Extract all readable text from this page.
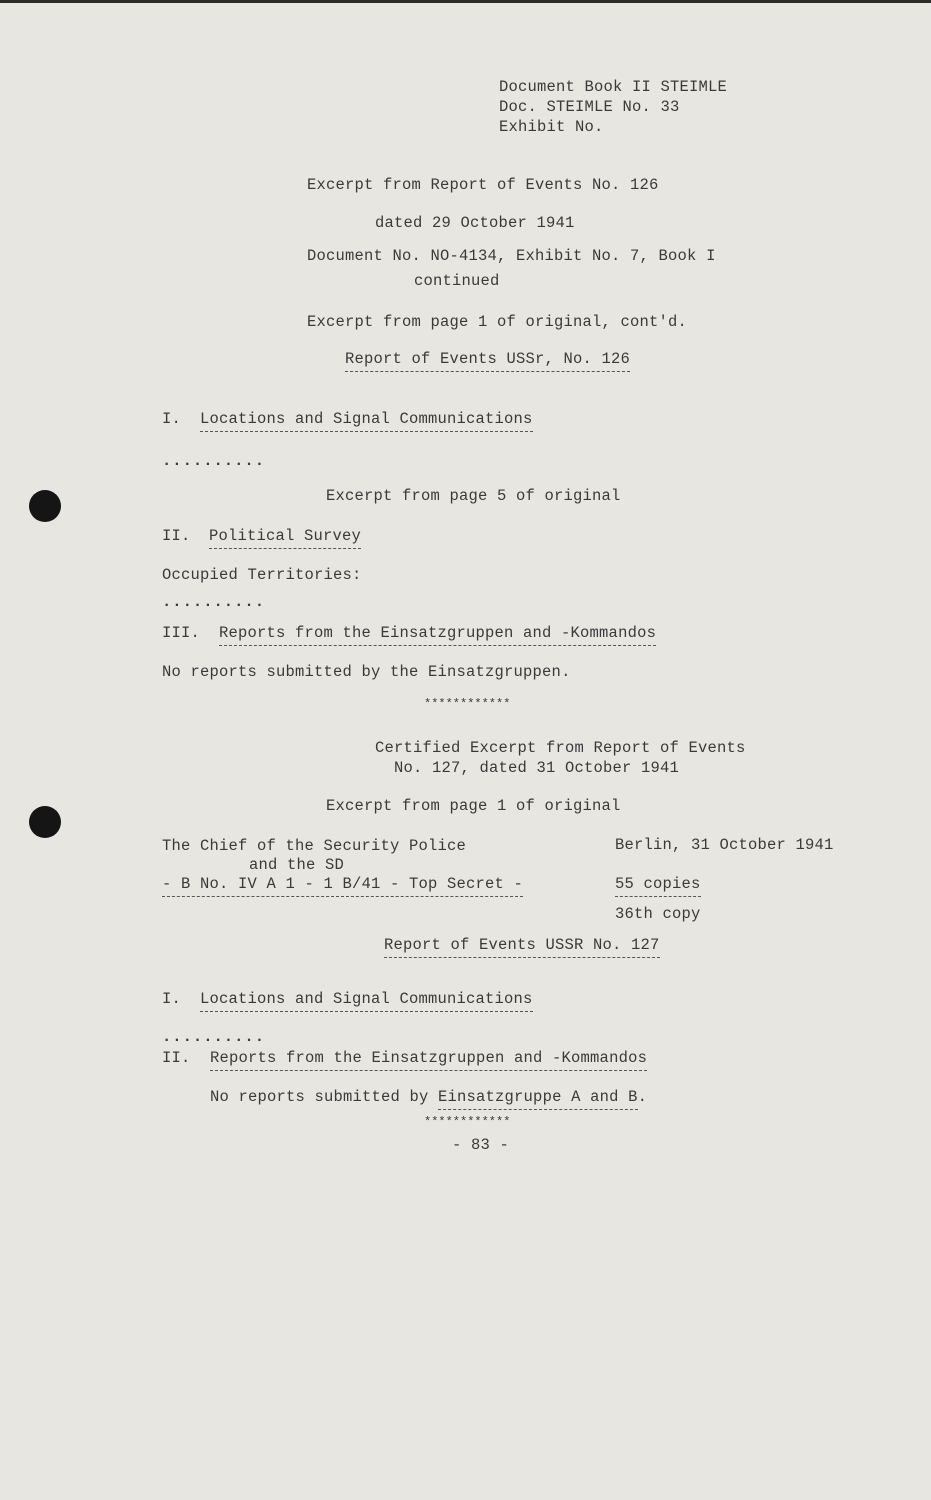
Document Book II STEIMLE
Doc. STEIMLE No. 33
Exhibit No.
Excerpt from Report of Events No. 126
dated 29 October 1941
Document No. NO-4134, Exhibit No. 7, Book I
continued
Excerpt from page 1 of original, cont'd.
Report of Events USSr, No. 126
I. Locations and Signal Communications
..........
Excerpt from page 5 of original
II. Political Survey
Occupied Territories:
..........
III. Reports from the Einsatzgruppen and -Kommandos
No reports submitted by the Einsatzgruppen.
************
Certified Excerpt from Report of Events
No. 127, dated 31 October 1941
Excerpt from page 1 of original
The Chief of the Security Police
and the SD
- B No. IV A 1 - 1 B/41 - Top Secret -
Berlin, 31 October 1941
55 copies
36th copy
Report of Events USSR No. 127
I. Locations and Signal Communications
..........
II. Reports from the Einsatzgruppen and -Kommandos
No reports submitted by Einsatzgruppe A and B.
************
- 83 -
